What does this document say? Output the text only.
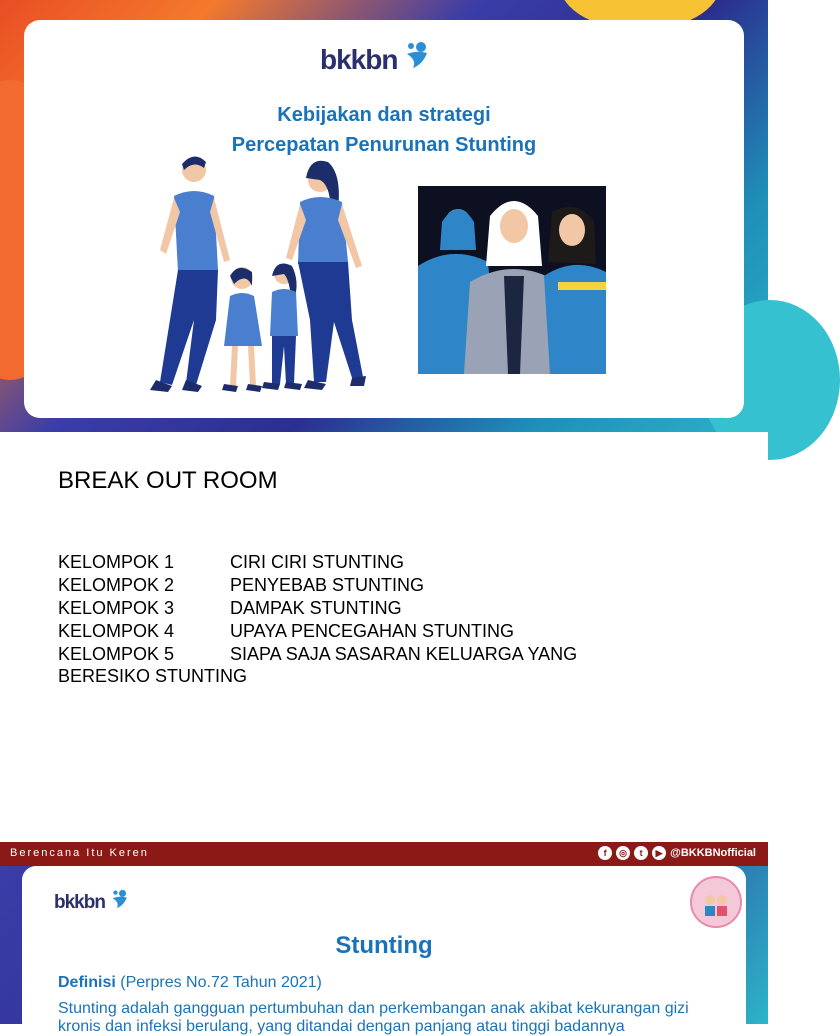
bkkbn
Kebijakan dan strategi
Percepatan Penurunan Stunting
BREAK OUT ROOM
KELOMPOK 1	CIRI CIRI STUNTING
KELOMPOK 2	PENYEBAB STUNTING
KELOMPOK 3	DAMPAK STUNTING
KELOMPOK 4	UPAYA PENCEGAHAN STUNTING
KELOMPOK 5	SIAPA SAJA SASARAN KELUARGA YANG
BERESIKO STUNTING
Berencana Itu Keren	f	◎	t	▶ @BKKBNofficial
bkkbn
Stunting
Definisi (Perpres No.72 Tahun 2021)
Stunting adalah gangguan pertumbuhan dan perkembangan anak akibat kekurangan gizi kronis dan infeksi berulang, yang ditandai dengan panjang atau tinggi badannya
